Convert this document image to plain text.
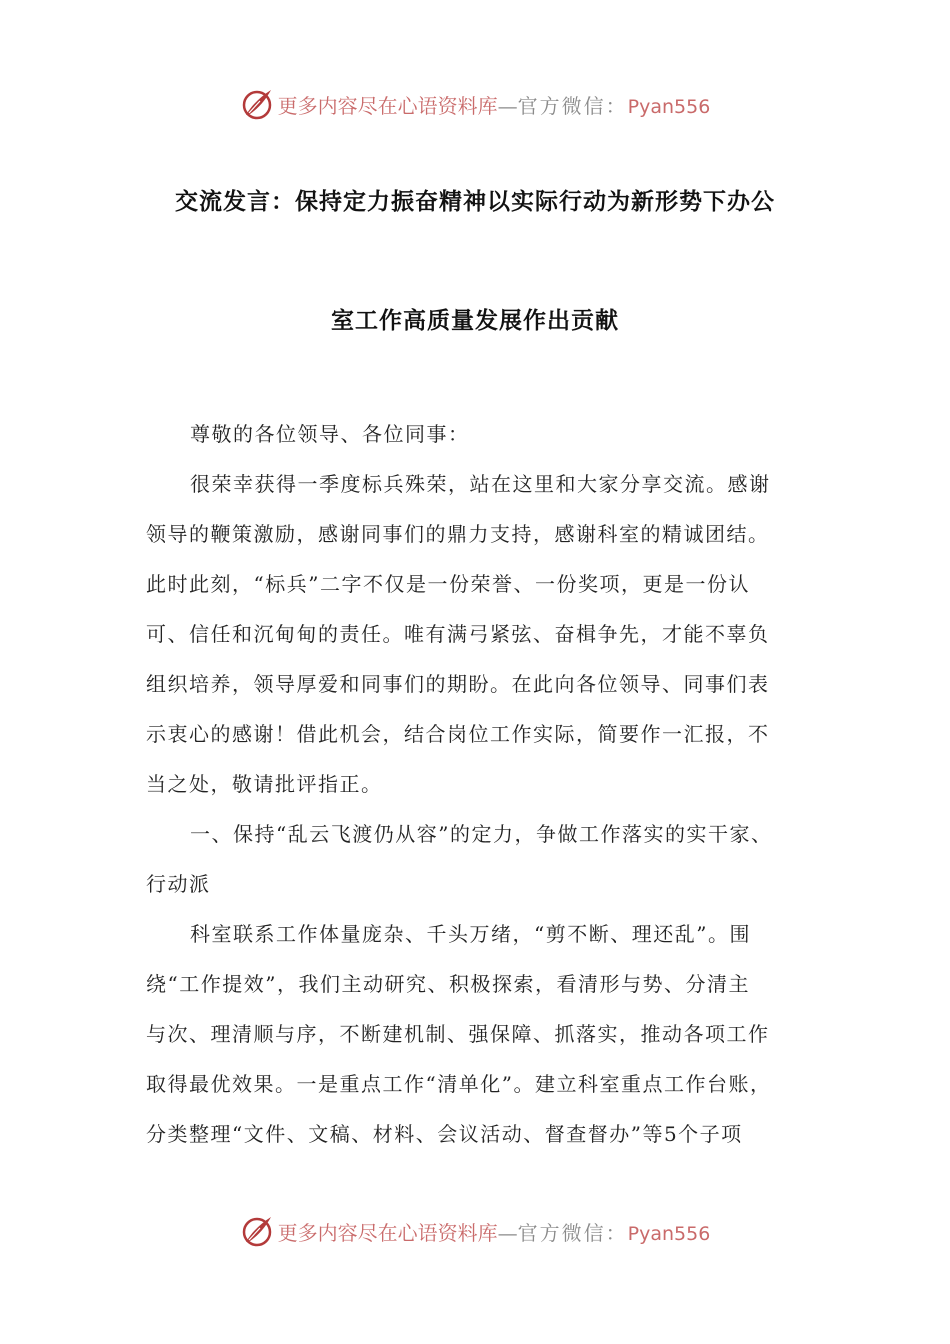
更多内容尽在心语资料库—官方微信：Pyan556
交流发言：保持定力振奋精神以实际行动为新形势下办公
室工作高质量发展作出贡献
尊敬的各位领导、各位同事：
很荣幸获得一季度标兵殊荣，站在这里和大家分享交流。感谢
领导的鞭策激励，感谢同事们的鼎力支持，感谢科室的精诚团结。
此时此刻，“标兵”二字不仅是一份荣誉、一份奖项，更是一份认
可、信任和沉甸甸的责任。唯有满弓紧弦、奋楫争先，才能不辜负
组织培养，领导厚爱和同事们的期盼。在此向各位领导、同事们表
示衷心的感谢！借此机会，结合岗位工作实际，简要作一汇报，不
当之处，敬请批评指正。
一、保持“乱云飞渡仍从容”的定力，争做工作落实的实干家、
行动派
科室联系工作体量庞杂、千头万绪，“剪不断、理还乱”。围
绕“工作提效”，我们主动研究、积极探索，看清形与势、分清主
与次、理清顺与序，不断建机制、强保障、抓落实，推动各项工作
取得最优效果。一是重点工作“清单化”。建立科室重点工作台账，
分类整理“文件、文稿、材料、会议活动、督查督办”等5个子项
更多内容尽在心语资料库—官方微信：Pyan556
